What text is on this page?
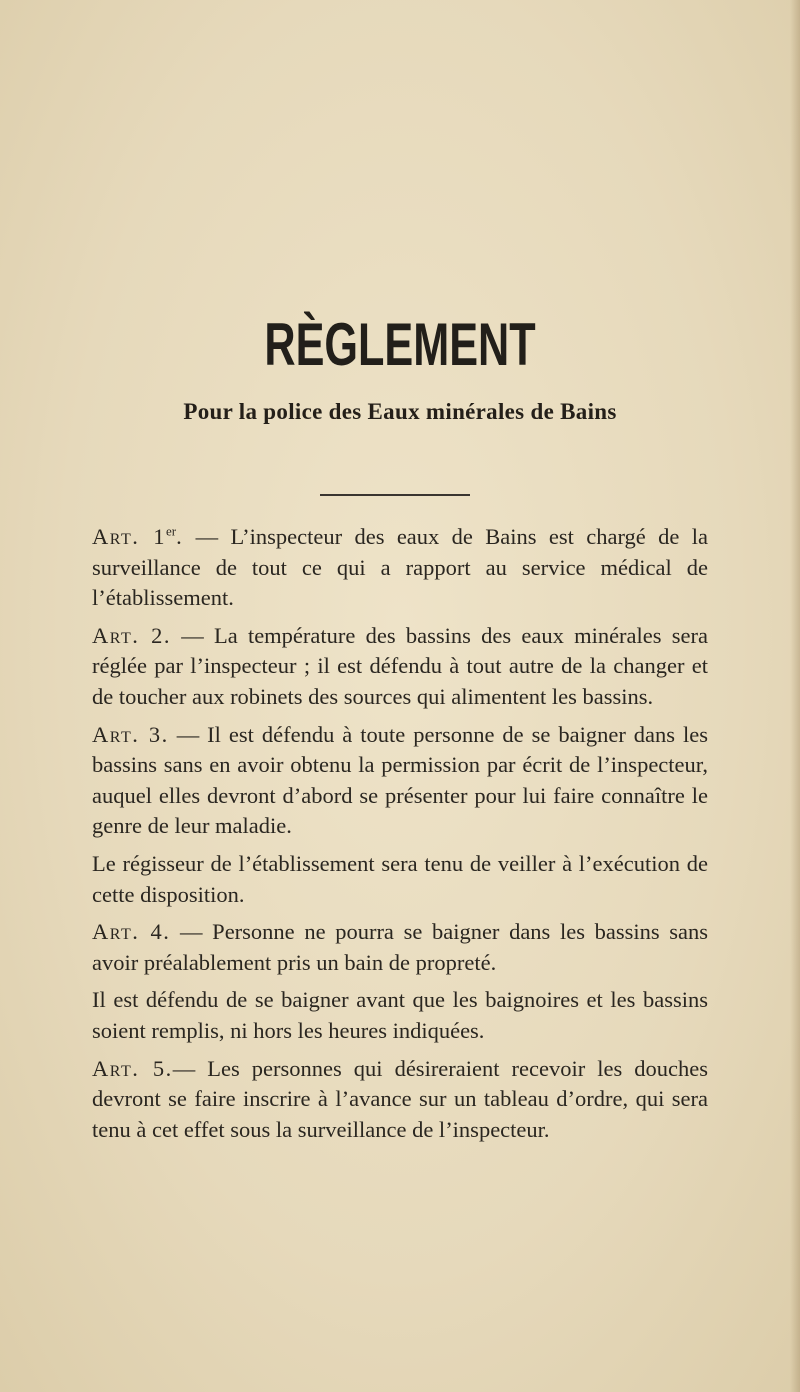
RÈGLEMENT
Pour la police des Eaux minérales de Bains

Art. 1er. — L’inspecteur des eaux de Bains est chargé de la surveillance de tout ce qui a rapport au service médical de l’établissement.

Art. 2. — La température des bassins des eaux minérales sera réglée par l’inspecteur ; il est défendu à tout autre de la changer et de toucher aux robinets des sources qui alimentent les bassins.

Art. 3. — Il est défendu à toute personne de se baigner dans les bassins sans en avoir obtenu la permission par écrit de l’inspecteur, auquel elles devront d’abord se présenter pour lui faire connaître le genre de leur maladie.

Le régisseur de l’établissement sera tenu de veiller à l’exécution de cette disposition.

Art. 4. — Personne ne pourra se baigner dans les bassins sans avoir préalablement pris un bain de propreté.

Il est défendu de se baigner avant que les baignoires et les bassins soient remplis, ni hors les heures indiquées.

Art. 5.— Les personnes qui désireraient recevoir les douches devront se faire inscrire à l’avance sur un tableau d’ordre, qui sera tenu à cet effet sous la surveillance de l’inspecteur.
